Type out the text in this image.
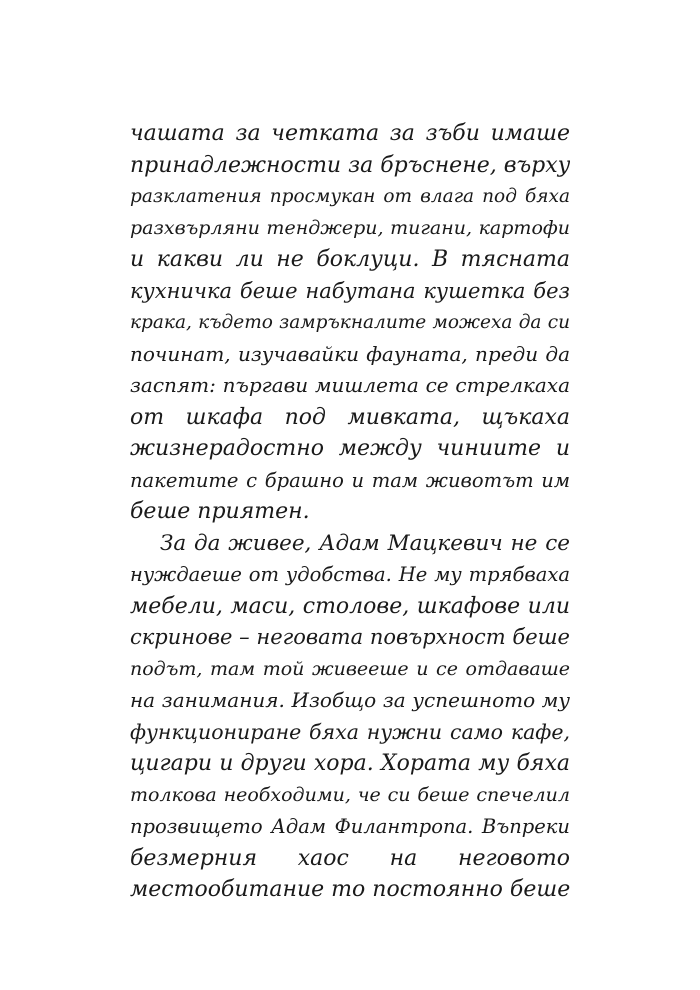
чашата за четката за зъби имаше
принадлежности за бръснене, върху
разклатения просмукан от влага под бяха
разхвърляни тенджери, тигани, картофи
и какви ли не боклуци. В тясната
кухничка беше набутана кушетка без
крака, където замръкналите можеха да си
починат, изучавайки фауната, преди да
заспят: пъргави мишлета се стрелкаха
от шкафа под мивката, щъкаха
жизнерадостно между чиниите и
пакетите с брашно и там животът им
беше приятен.
За да живее, Адам Мацкевич не се
нуждаеше от удобства. Не му трябваха
мебели, маси, столове, шкафове или
скринове – неговата повърхност беше
подът, там той живееше и се отдаваше
на занимания. Изобщо за успешното му
функциониране бяха нужни само кафе,
цигари и други хора. Хората му бяха
толкова необходими, че си беше спечелил
прозвището Адам Филантропа. Въпреки
безмерния хаос на неговото
местообитание то постоянно беше
